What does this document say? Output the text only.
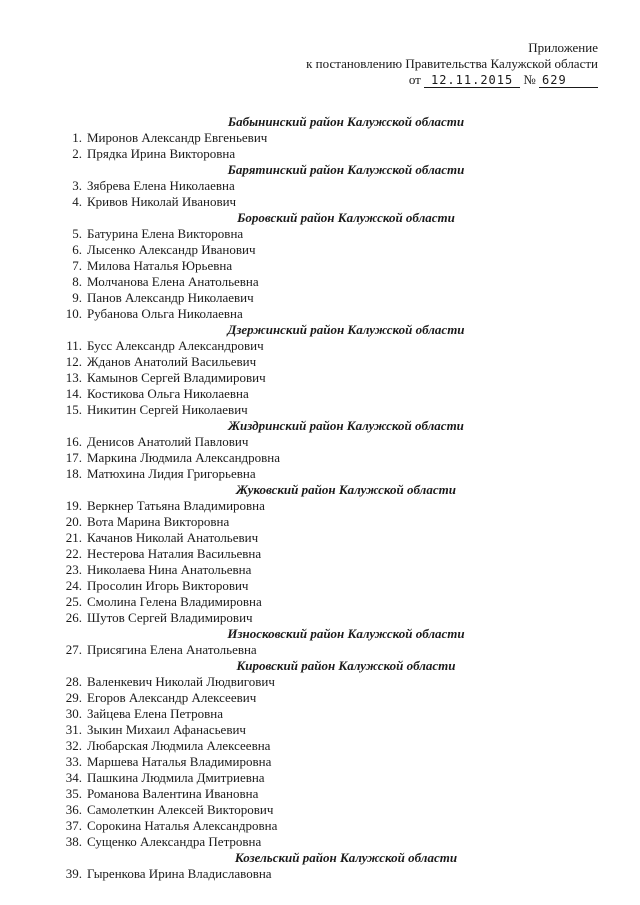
Приложение
к постановлению Правительства Калужской области
от 12.11.2015 № 629
Бабынинский район Калужской области
1. Миронов Александр Евгеньевич
2. Прядка Ирина Викторовна
Барятинский район Калужской области
3. Зябрева Елена Николаевна
4. Кривов Николай Иванович
Боровский район Калужской области
5. Батурина Елена Викторовна
6. Лысенко Александр Иванович
7. Милова Наталья Юрьевна
8. Молчанова Елена Анатольевна
9. Панов Александр Николаевич
10. Рубанова Ольга Николаевна
Дзержинский район Калужской области
11. Бусс Александр Александрович
12. Жданов Анатолий Васильевич
13. Камынов Сергей Владимирович
14. Костикова Ольга Николаевна
15. Никитин Сергей Николаевич
Жиздринский район Калужской области
16. Денисов Анатолий Павлович
17. Маркина Людмила Александровна
18. Матюхина Лидия Григорьевна
Жуковский район Калужской области
19. Веркнер Татьяна Владимировна
20. Вота Марина Викторовна
21. Качанов Николай Анатольевич
22. Нестерова Наталия Васильевна
23. Николаева Нина Анатольевна
24. Просолин Игорь Викторович
25. Смолина Гелена Владимировна
26. Шутов Сергей Владимирович
Износковский район Калужской области
27. Присягина Елена Анатольевна
Кировский район Калужской области
28. Валенкевич Николай Людвигович
29. Егоров Александр Алексеевич
30. Зайцева Елена Петровна
31. Зыкин Михаил Афанасьевич
32. Любарская Людмила Алексеевна
33. Маршева Наталья Владимировна
34. Пашкина Людмила Дмитриевна
35. Романова Валентина Ивановна
36. Самолеткин Алексей Викторович
37. Сорокина Наталья Александровна
38. Сущенко Александра Петровна
Козельский район Калужской области
39. Гыренкова Ирина Владиславовна
